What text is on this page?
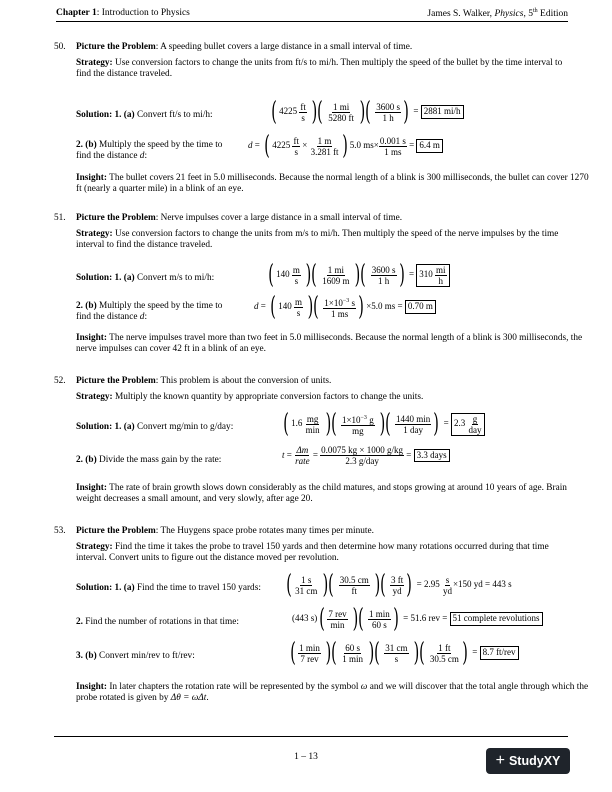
Chapter 1: Introduction to Physics	James S. Walker, Physics, 5th Edition
50. Picture the Problem: A speeding bullet covers a large distance in a small interval of time.
Strategy: Use conversion factors to change the units from ft/s to mi/h. Then multiply the speed of the bullet by the time interval to find the distance traveled.
Solution: 1. (a) Convert ft/s to mi/h: ( 4225
$\frac{ft}{s}$ )( $\frac{1 mi}{5280 ft}$ )( $\frac{3600 s}{1 h}$ ) = 2881 mi/h
2. (b) Multiply the speed by the time to find the distance d:
d = ( 4225
$\frac{ft}{s}$
×
$\frac{1 m}{3.281 ft}$ ) 5.0 $ms\times \frac{0.001 s}{1 ms} = 6.4$ m
Insight: The bullet covers 21 feet in 5.0 milliseconds. Because the normal length of a blink is 300 milliseconds, the bullet can cover 1270 ft (nearly a quarter mile) in a blink of an eye.
51. Picture the Problem: Nerve impulses cover a large distance in a small interval of time.
Strategy: Use conversion factors to change the units from m/s to mi/h. Then multiply the speed of the nerve impulses by the time interval to find the distance traveled.
Solution: 1. (a) Convert m/s to mi/h: ( 140
$\frac{m}{s}$ )( $\frac{1 mi}{1609 m}$ )( $\frac{3600 s}{1 h}$ ) = 310
$\frac{mi}{h}$
2. (b) Multiply the speed by the time to find the distance d:
d = ( 140
$\frac{m}{s}$ )( $\frac{1\times 10^{-3} s}{1 ms}$ ) ×5.0 ms = 0.70 m
Insight: The nerve impulses travel more than two feet in 5.0 milliseconds. Because the normal length of a blink is 300 milliseconds, the nerve impulses can cover 42 ft in a blink of an eye.
52. Picture the Problem: This problem is about the conversion of units.
Strategy: Multiply the known quantity by appropriate conversion factors to change the units.
Solution: 1. (a) Convert mg/min to g/day: ( 1.6
$\frac{mg}{\min}$ )( $\frac{1\times 10^{-3} g}{mg}$ )( $\frac{1440 \min}{\text{1 day}}$ ) = 2.3
$\frac{g}{\text{day}}$
2. (b) Divide the mass gain by the rate:
$t = \frac{\Delta m}{\text{rate}} = \frac{0.0075 kg \times 1000 g/kg}{\text{2.3 g/day}} = 3.3$ days
Insight: The rate of brain growth slows down considerably as the child matures, and stops growing at around 10 years of age. Brain weight decreases a small amount, and very slowly, after age 20.
53. Picture the Problem: The Huygens space probe rotates many times per minute.
Strategy: Find the time it takes the probe to travel 150 yards and then determine how many rotations occurred during that time interval. Convert units to figure out the distance moved per revolution.
Solution: 1. (a) Find the time to travel 150 yards: ( $\frac{1 s}{31 cm}$ )( $\frac{30.5 cm}{ft}$ )( $\frac{3 ft}{yd}$ )
= 2.95
$\frac{s}{yd} \times 150$ yd = 443 s
2. Find the number of rotations in that time:	(443 s) ( $\frac{\text{7 rev}}{\min}$ )( $\frac{1 \min}{60 s}$ )
= 51.6 rev =
51 complete revolutions
3. (b) Convert min/rev to ft/rev:	( $\frac{1 \min}{\text{7 rev}}$ )( $\frac{60 s}{1 \min}$ )( $\frac{31 cm}{s}$ )( $\frac{1 ft}{30.5 cm}$ ) = 8.7 ft/rev
Insight: In later chapters the rotation rate will be represented by the symbol ω and we will discover that the total angle through which the probe rotated is given by Δθ = ωΔt.
1 – 13	+ StudyXY
